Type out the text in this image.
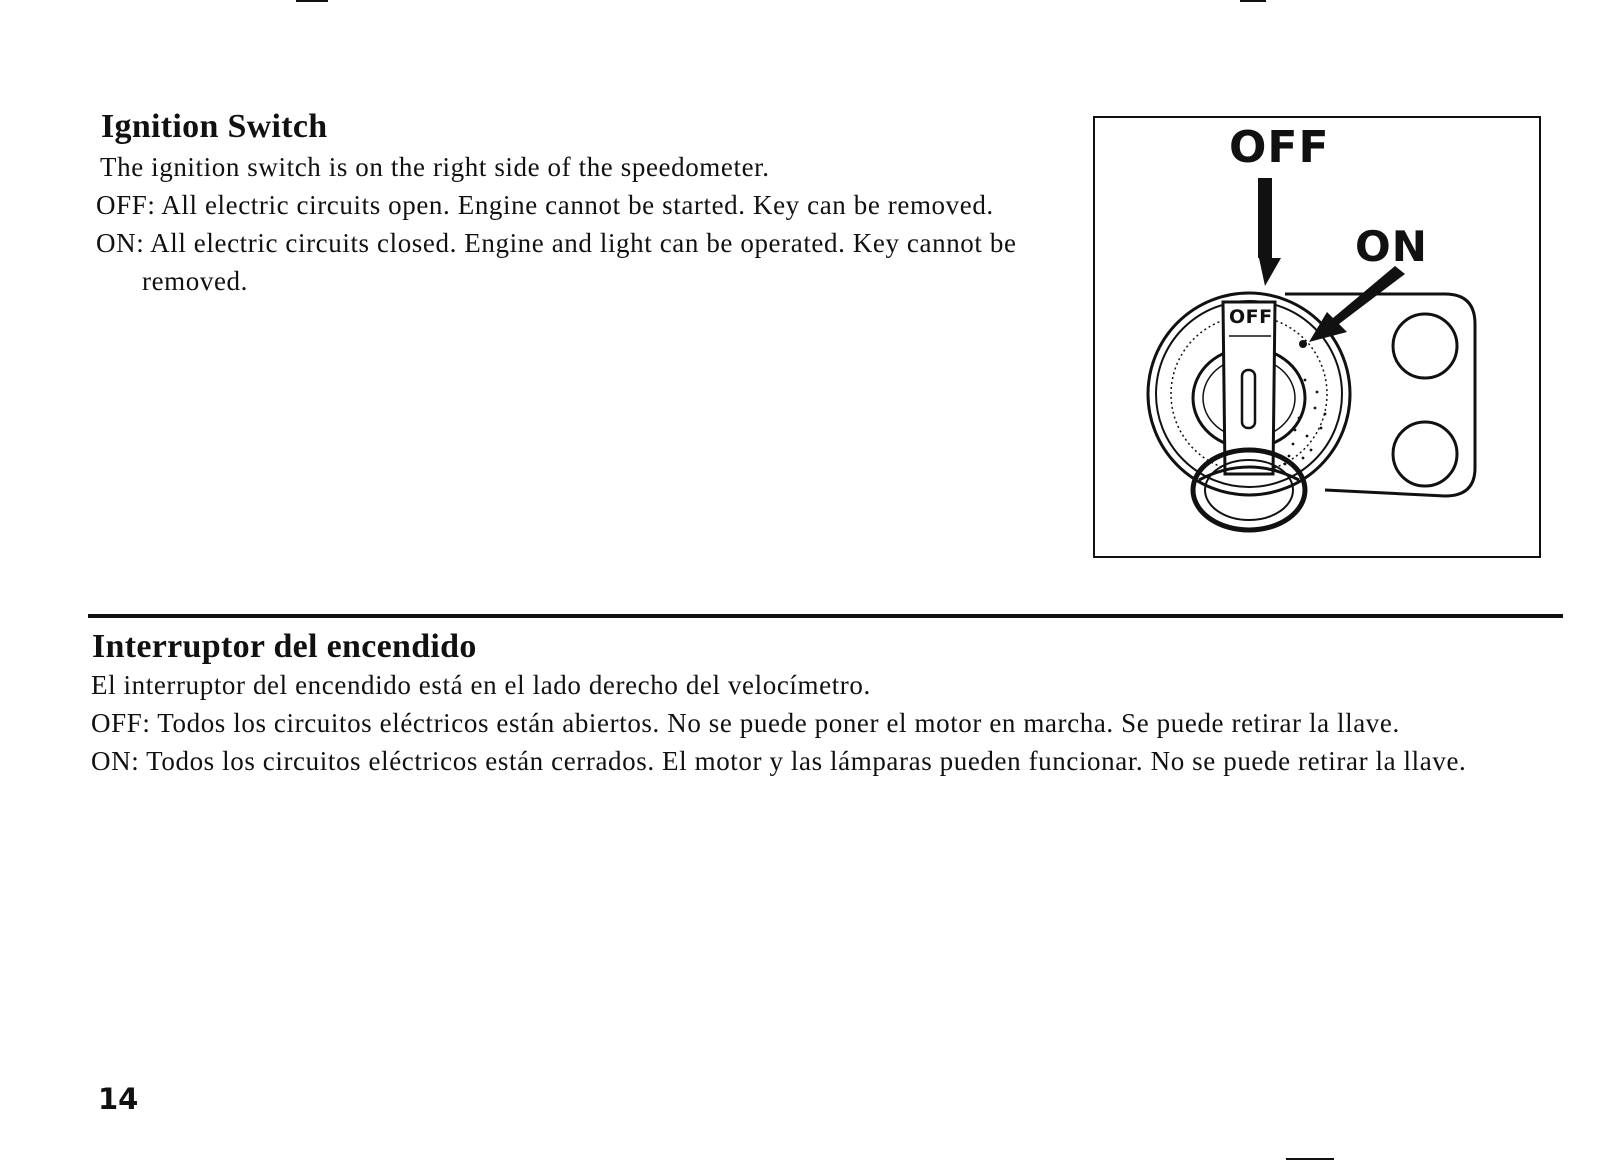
Ignition Switch

The ignition switch is on the right side of the speedometer.

OFF: All electric circuits open. Engine cannot be started. Key can be removed.

ON: All electric circuits closed. Engine and light can be operated. Key cannot be removed.

OFF
ON
OFF
Interruptor del encendido

El interruptor del encendido está en el lado derecho del velocímetro.

OFF: Todos los circuitos eléctricos están abiertos. No se puede poner el motor en marcha. Se puede retirar la llave.

ON: Todos los circuitos eléctricos están cerrados. El motor y las lámparas pueden funcionar. No se puede retirar la llave.

14
